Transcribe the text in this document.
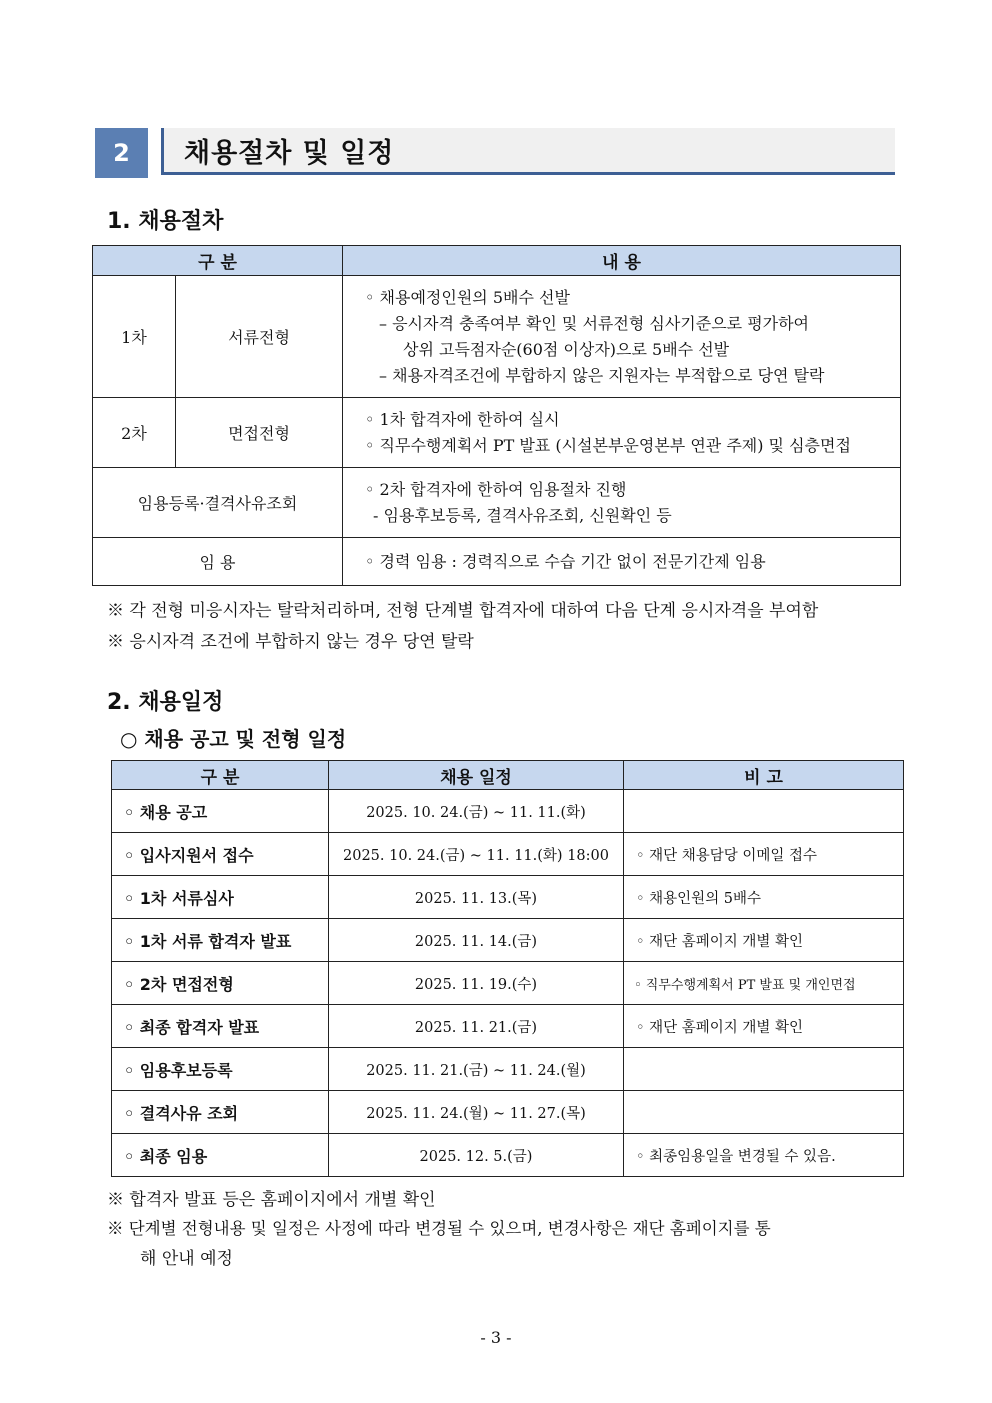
2	채용절차 및 일정
1. 채용절차
구 분		내 용
1차	서류전형	◦ 채용예정인원의 5배수 선발
– 응시자격 충족여부 확인 및 서류전형 심사기준으로 평가하여
상위 고득점자순(60점 이상자)으로 5배수 선발
– 채용자격조건에 부합하지 않은 지원자는 부적합으로 당연 탈락

2차	면접전형	◦ 1차 합격자에 한하여 실시
◦ 직무수행계획서 PT 발표 (시설본부운영본부 연관 주제) 및 심층면접

임용등록·결격사유조회		◦ 2차 합격자에 한하여 임용절차 진행
- 임용후보등록, 결격사유조회, 신원확인 등

임 용		◦ 경력 임용 : 경력직으로 수습 기간 없이 전문기간제 임용
※ 각 전형 미응시자는 탈락처리하며, 전형 단계별 합격자에 대하여 다음 단계 응시자격을 부여함
※ 응시자격 조건에 부합하지 않는 경우 당연 탈락
2. 채용일정
○ 채용 공고 및 전형 일정
구 분	채용 일정	비 고
◦ 채용 공고	2025. 10. 24.(금) ~ 11. 11.(화)	
◦ 입사지원서 접수	2025. 10. 24.(금) ~ 11. 11.(화) 18:00	◦ 재단 채용담당 이메일 접수
◦ 1차 서류심사	2025. 11. 13.(목)	◦ 채용인원의 5배수
◦ 1차 서류 합격자 발표	2025. 11. 14.(금)	◦ 재단 홈페이지 개별 확인
◦ 2차 면접전형	2025. 11. 19.(수)	◦ 직무수행계획서 PT 발표 및 개인면접
◦ 최종 합격자 발표	2025. 11. 21.(금)	◦ 재단 홈페이지 개별 확인
◦ 임용후보등록	2025. 11. 21.(금) ~ 11. 24.(월)	
◦ 결격사유 조회	2025. 11. 24.(월) ~ 11. 27.(목)	
◦ 최종 임용	2025. 12. 5.(금)	◦ 최종임용일을 변경될 수 있음.
※ 합격자 발표 등은 홈페이지에서 개별 확인
※ 단계별 전형내용 및 일정은 사정에 따라 변경될 수 있으며, 변경사항은 재단 홈페이지를 통
해 안내 예정
- 3 -
